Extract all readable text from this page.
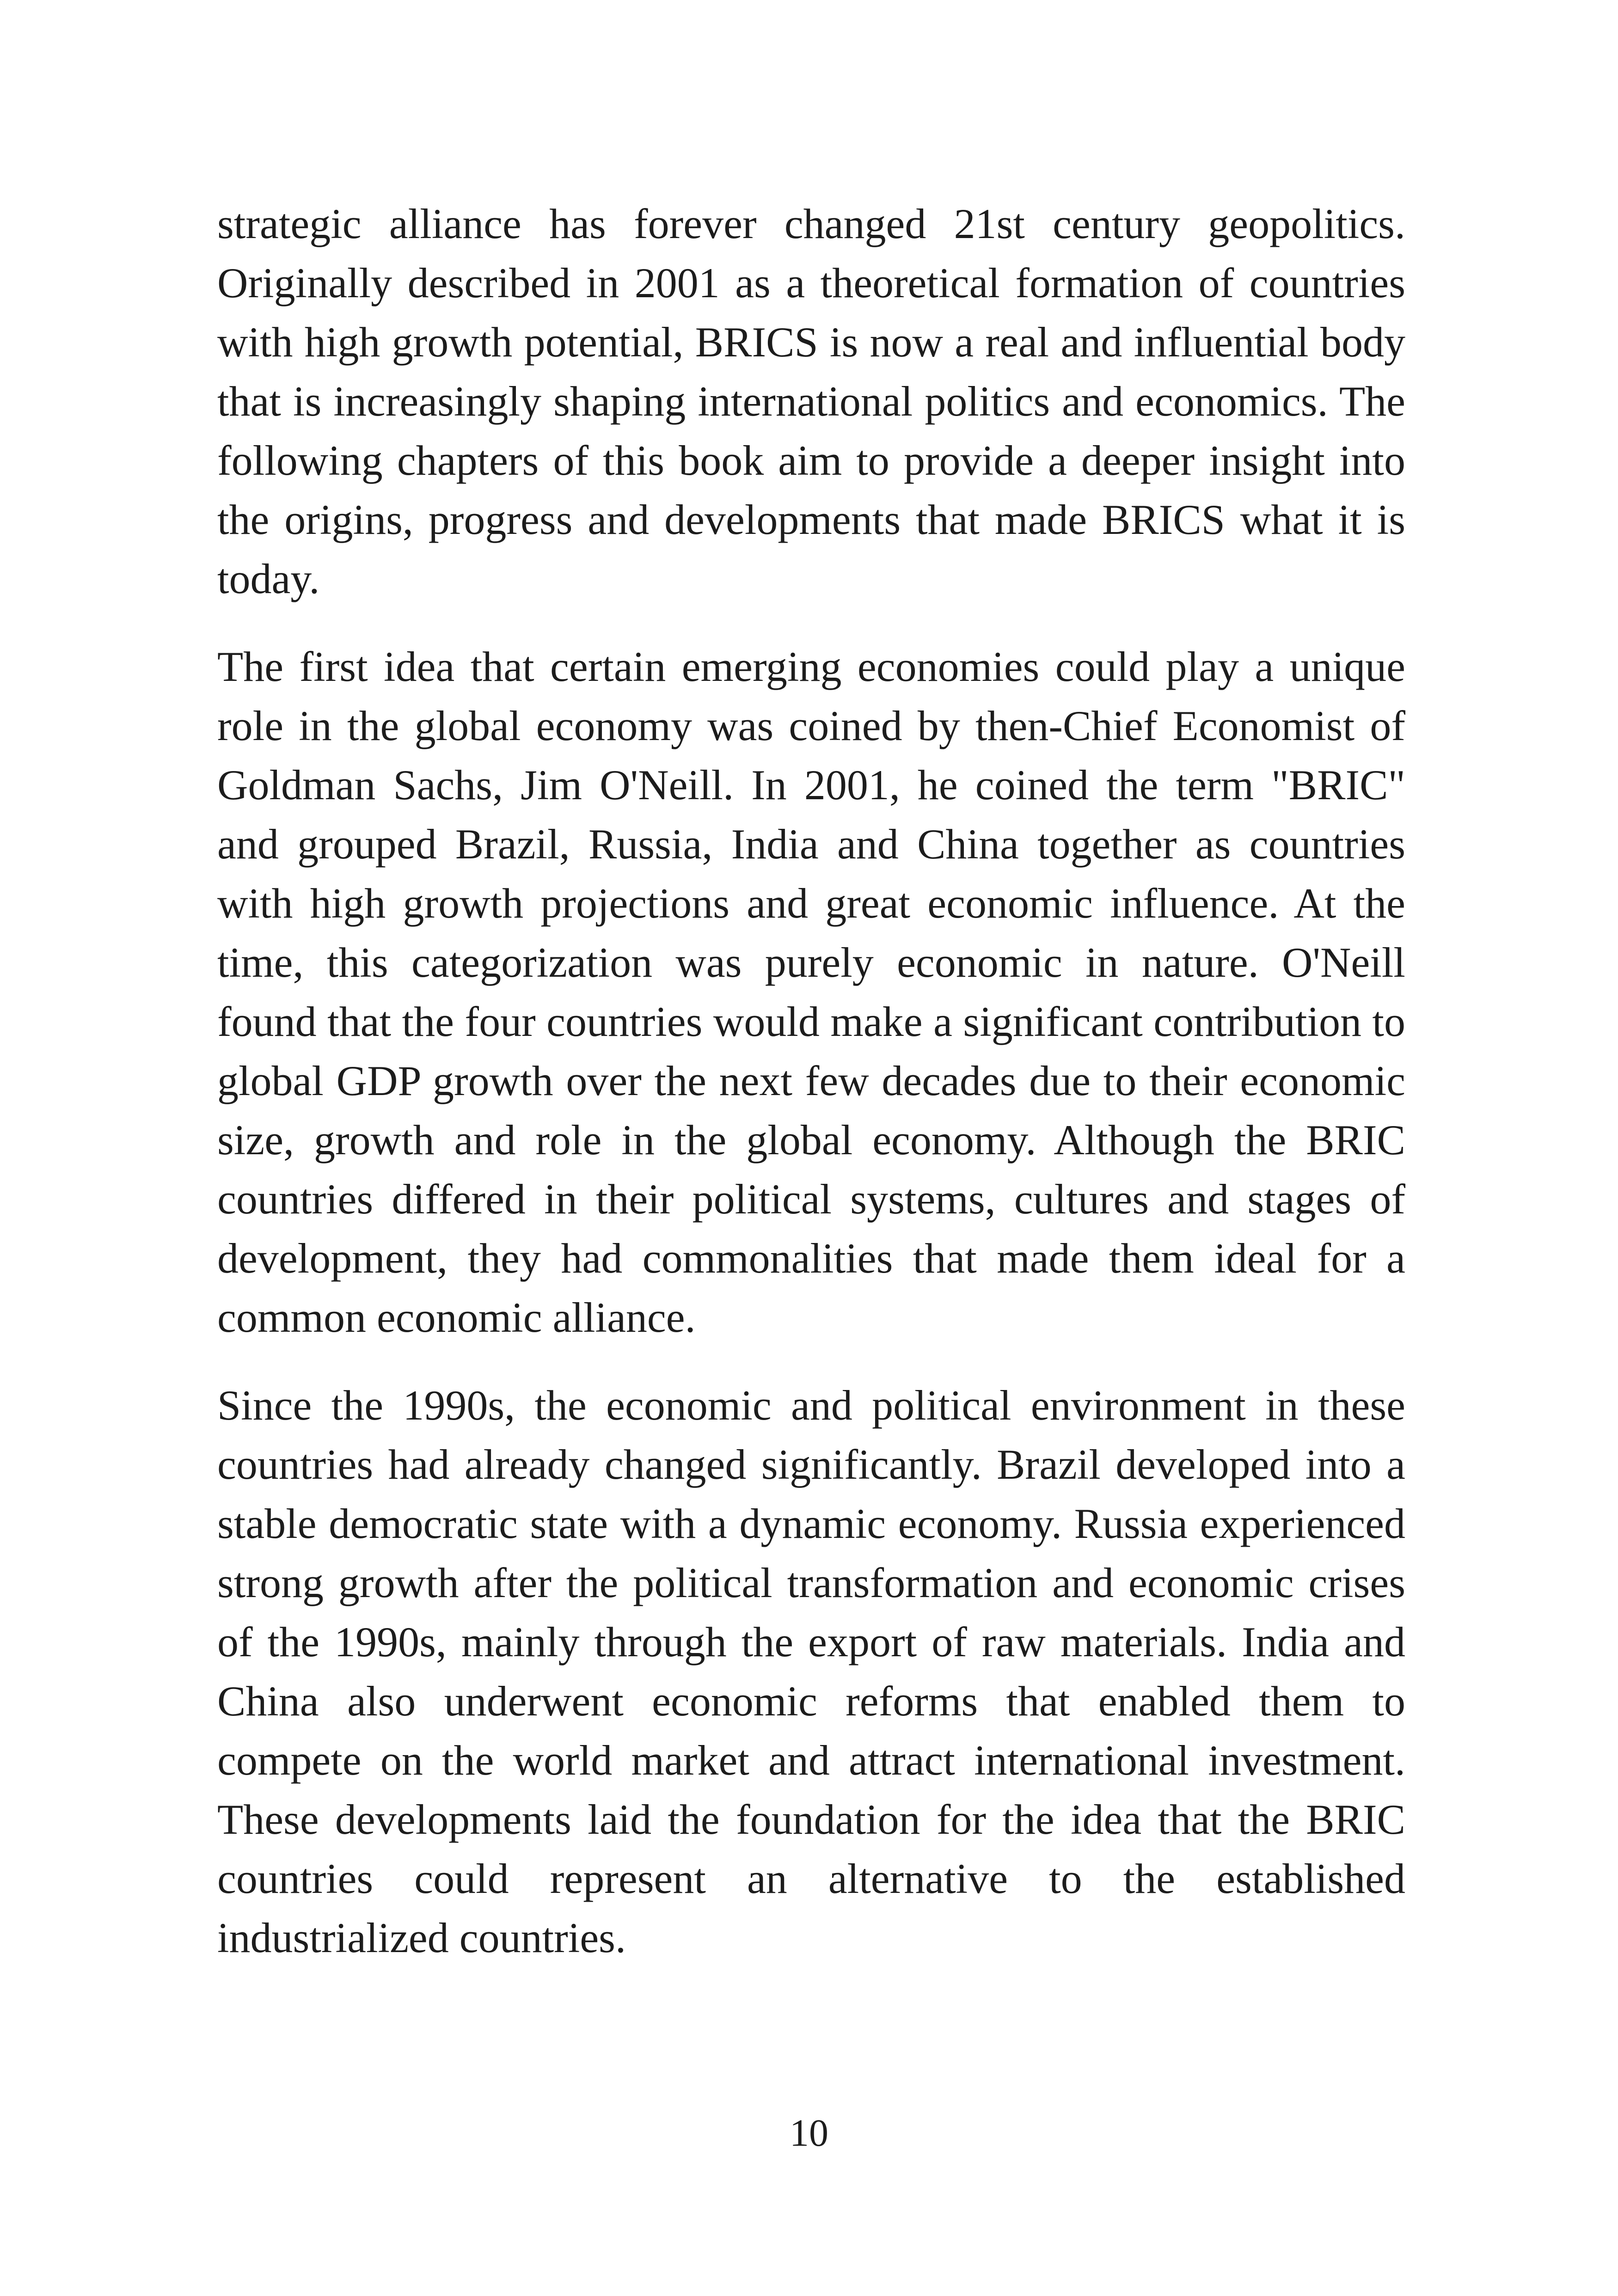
strategic alliance has forever changed 21st century geopolitics. Originally described in 2001 as a theoretical formation of countries with high growth potential, BRICS is now a real and influential body that is increasingly shaping international politics and economics. The following chapters of this book aim to provide a deeper insight into the origins, progress and developments that made BRICS what it is today.

The first idea that certain emerging economies could play a unique role in the global economy was coined by then-Chief Economist of Goldman Sachs, Jim O'Neill. In 2001, he coined the term "BRIC" and grouped Brazil, Russia, India and China together as countries with high growth projections and great economic influence. At the time, this categorization was purely economic in nature. O'Neill found that the four countries would make a significant contribution to global GDP growth over the next few decades due to their economic size, growth and role in the global economy. Although the BRIC countries differed in their political systems, cultures and stages of development, they had commonalities that made them ideal for a common economic alliance.

Since the 1990s, the economic and political environment in these countries had already changed significantly. Brazil developed into a stable democratic state with a dynamic economy. Russia experienced strong growth after the political transformation and economic crises of the 1990s, mainly through the export of raw materials. India and China also underwent economic reforms that enabled them to compete on the world market and attract international investment. These developments laid the foundation for the idea that the BRIC countries could represent an alternative to the established industrialized countries.

10
